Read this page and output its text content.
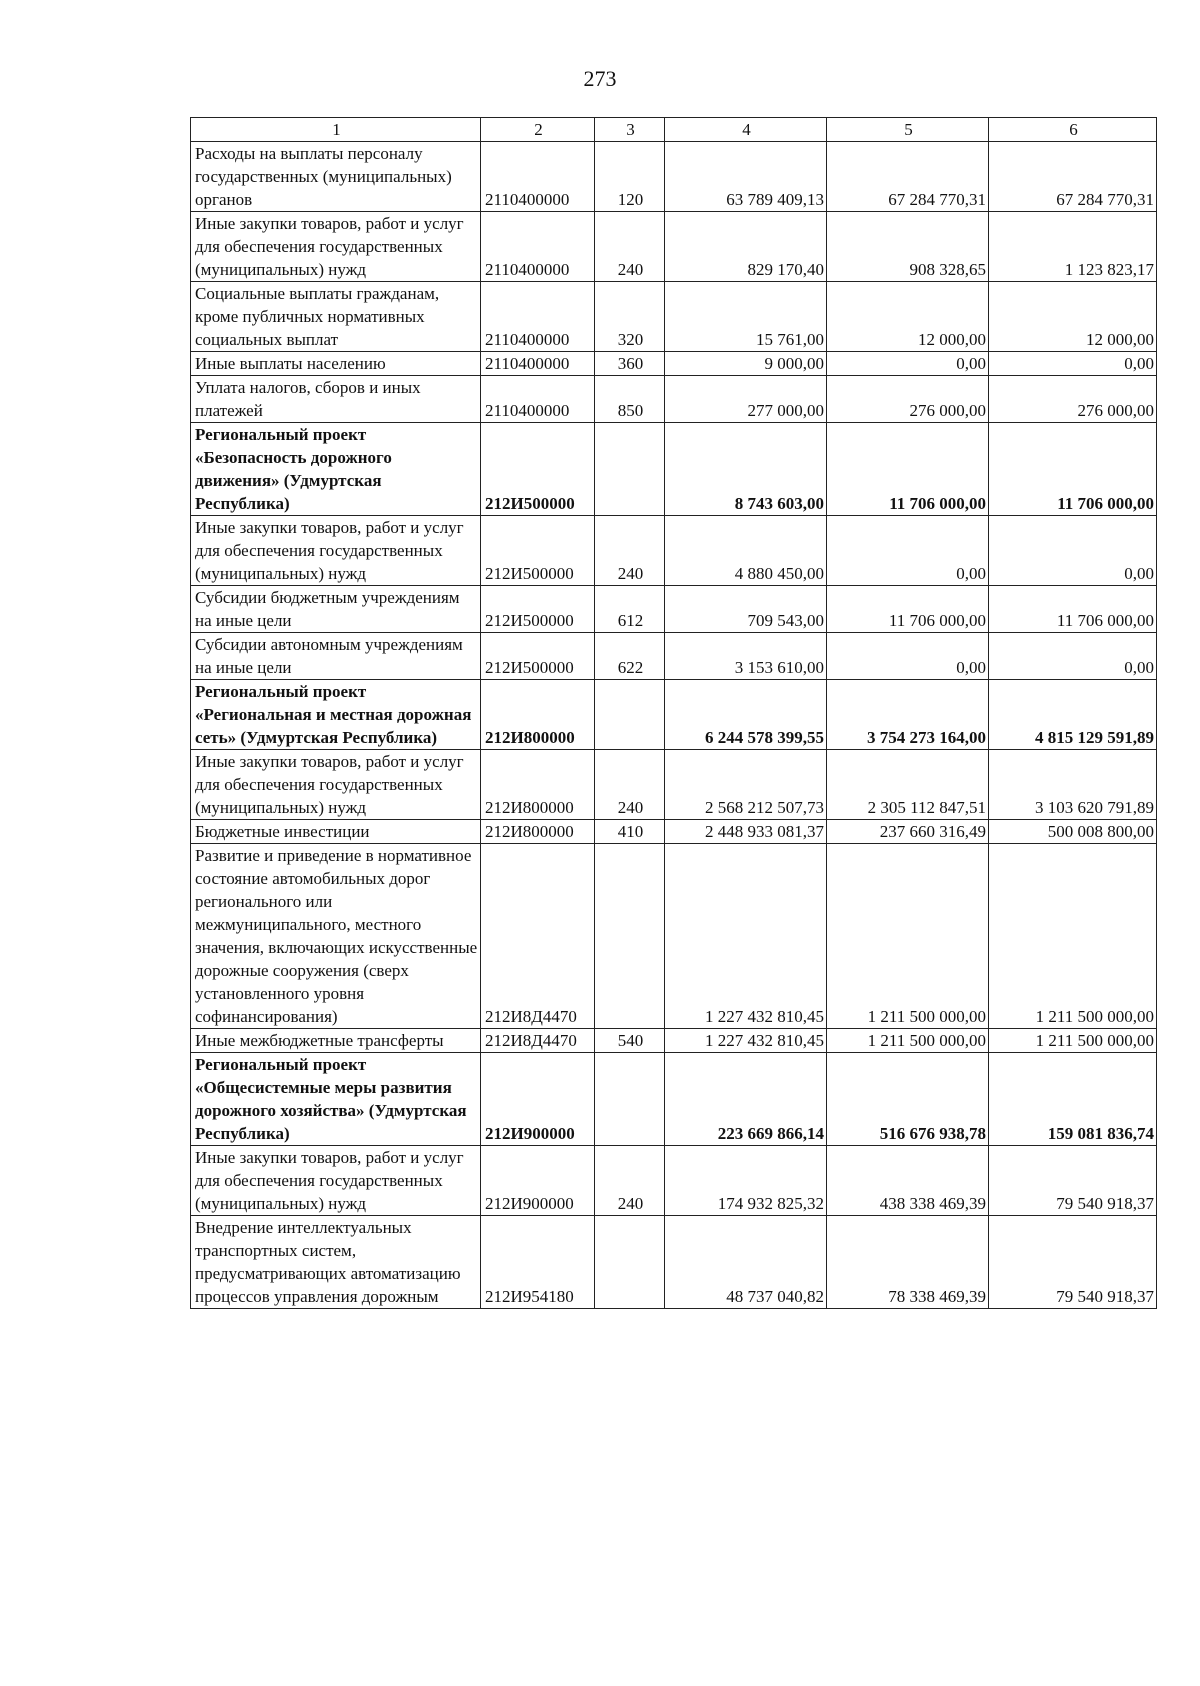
273
1	2	3	4	5	6
Расходы на выплаты персоналу государственных (муниципальных) органов	2110400000	120	63 789 409,13	67 284 770,31	67 284 770,31
Иные закупки товаров, работ и услуг для обеспечения государственных (муниципальных) нужд	2110400000	240	829 170,40	908 328,65	1 123 823,17
Социальные выплаты гражданам, кроме публичных нормативных социальных выплат	2110400000	320	15 761,00	12 000,00	12 000,00
Иные выплаты населению	2110400000	360	9 000,00	0,00	0,00
Уплата налогов, сборов и иных платежей	2110400000	850	277 000,00	276 000,00	276 000,00
Региональный проект «Безопасность дорожного движения» (Удмуртская Республика)	212И500000		8 743 603,00	11 706 000,00	11 706 000,00
Иные закупки товаров, работ и услуг для обеспечения государственных (муниципальных) нужд	212И500000	240	4 880 450,00	0,00	0,00
Субсидии бюджетным учреждениям на иные цели	212И500000	612	709 543,00	11 706 000,00	11 706 000,00
Субсидии автономным учреждениям на иные цели	212И500000	622	3 153 610,00	0,00	0,00
Региональный проект «Региональная и местная дорожная сеть» (Удмуртская Республика)	212И800000		6 244 578 399,55	3 754 273 164,00	4 815 129 591,89
Иные закупки товаров, работ и услуг для обеспечения государственных (муниципальных) нужд	212И800000	240	2 568 212 507,73	2 305 112 847,51	3 103 620 791,89
Бюджетные инвестиции	212И800000	410	2 448 933 081,37	237 660 316,49	500 008 800,00
Развитие и приведение в нормативное состояние автомобильных дорог регионального или межмуниципального, местного значения, включающих искусственные дорожные сооружения (сверх установленного уровня софинансирования)	212И8Д4470		1 227 432 810,45	1 211 500 000,00	1 211 500 000,00
Иные межбюджетные трансферты	212И8Д4470	540	1 227 432 810,45	1 211 500 000,00	1 211 500 000,00
Региональный проект «Общесистемные меры развития дорожного хозяйства» (Удмуртская Республика)	212И900000		223 669 866,14	516 676 938,78	159 081 836,74
Иные закупки товаров, работ и услуг для обеспечения государственных (муниципальных) нужд	212И900000	240	174 932 825,32	438 338 469,39	79 540 918,37
Внедрение интеллектуальных транспортных систем, предусматривающих автоматизацию процессов управления дорожным	212И954180		48 737 040,82	78 338 469,39	79 540 918,37
